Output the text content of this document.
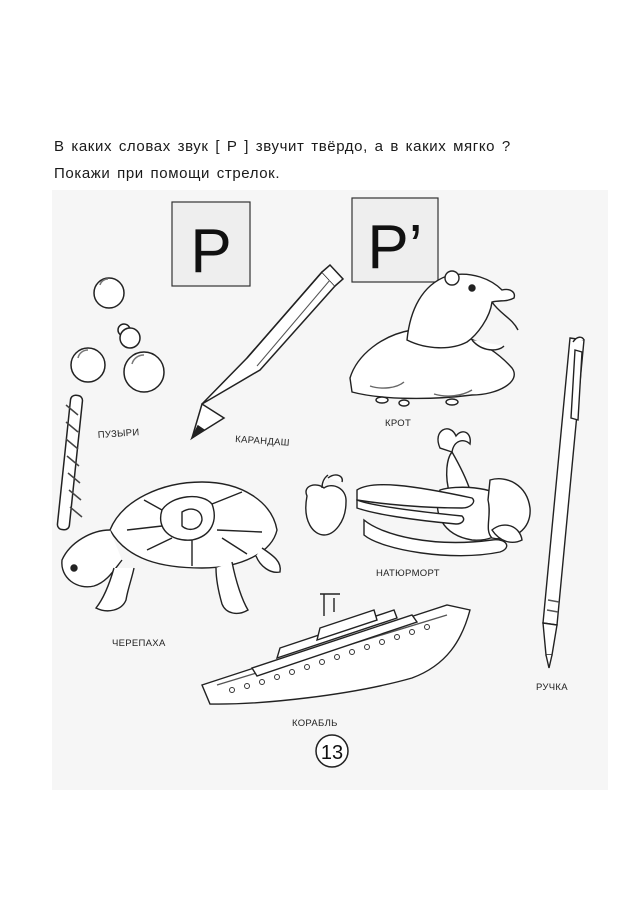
В каких словах звук [ Р ] звучит твёрдо, а в каких мягко ?
Покажи при помощи стрелок.
Р Р’
ПУЗЫРИ	КАРАНДАШ
КРОТ
РУЧКА
НАТЮРМОРТ
ЧЕРЕПАХА
КОРАБЛЬ
13
